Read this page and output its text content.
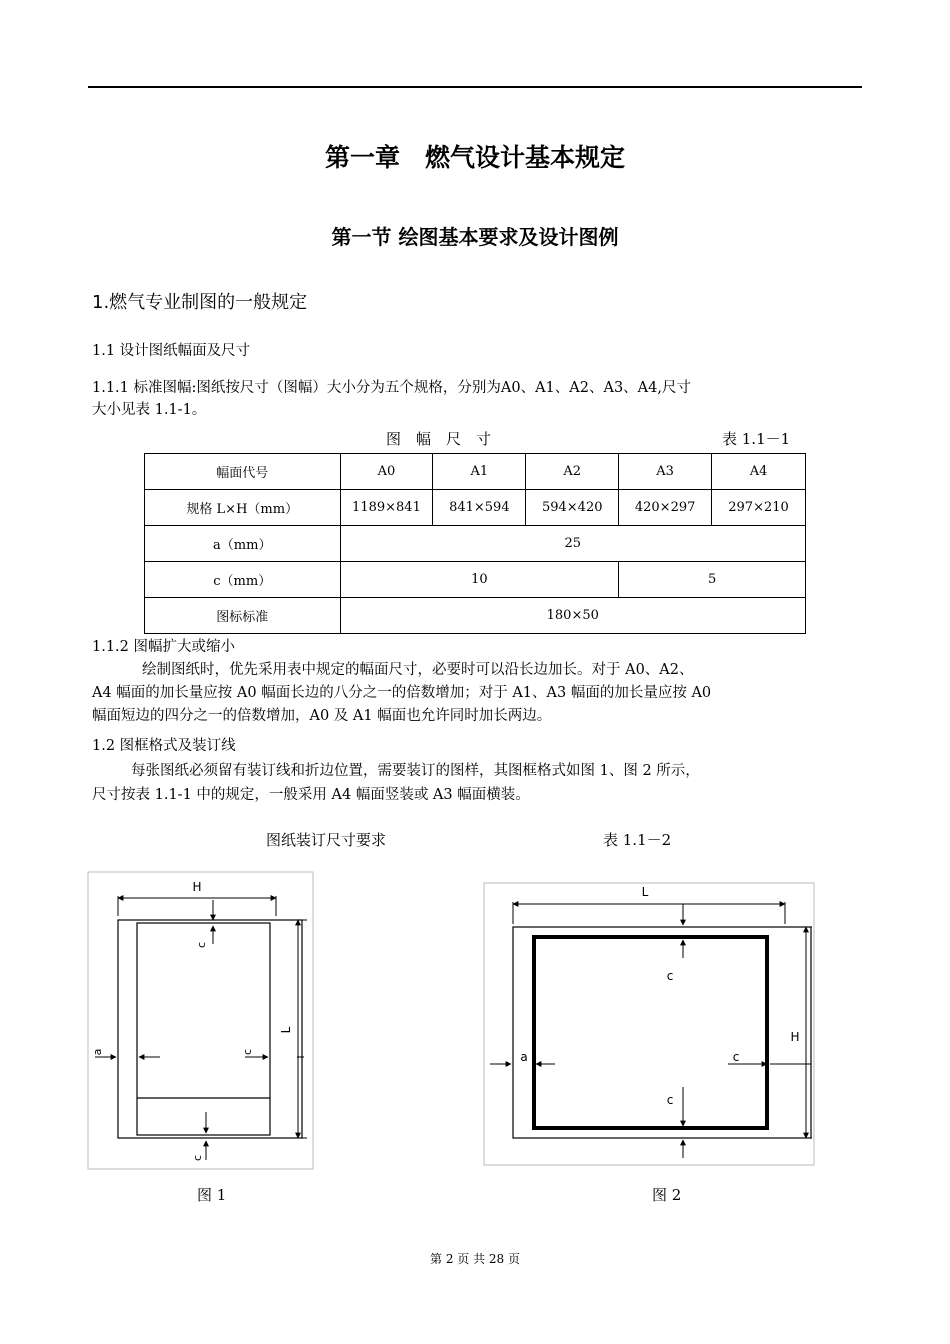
第一章　燃气设计基本规定
第一节 绘图基本要求及设计图例
1.燃气专业制图的一般规定
1.1 设计图纸幅面及尺寸
1.1.1 标准图幅:图纸按尺寸（图幅）大小分为五个规格，分别为A0、A1、A2、A3、A4,尺寸
大小见表 1.1-1。
图　幅　尺　寸	表 1.1－1
幅面代号	A0	A1	A2	A3	A4
规格 L×H（mm）	1189×841	841×594	594×420	420×297	297×210
a（mm）	25				
c（mm）	10			5	
图标标准	180×50				
1.1.2 图幅扩大或缩小
绘制图纸时，优先采用表中规定的幅面尺寸，必要时可以沿长边加长。对于 A0、A2、
A4 幅面的加长量应按 A0 幅面长边的八分之一的倍数增加；对于 A1、A3 幅面的加长量应按 A0
幅面短边的四分之一的倍数增加，A0 及 A1 幅面也允许同时加长两边。
1.2 图框格式及装订线
每张图纸必须留有装订线和折边位置，需要装订的图样，其图框格式如图 1、图 2 所示，
尺寸按表 1.1-1 中的规定，一般采用 A4 幅面竖装或 A3 幅面横装。
图纸装订尺寸要求	表 1.1－2
H
L
c
a	c
c
L
H
c
a	c
c
图 1	图 2
第 2 页 共 28 页
